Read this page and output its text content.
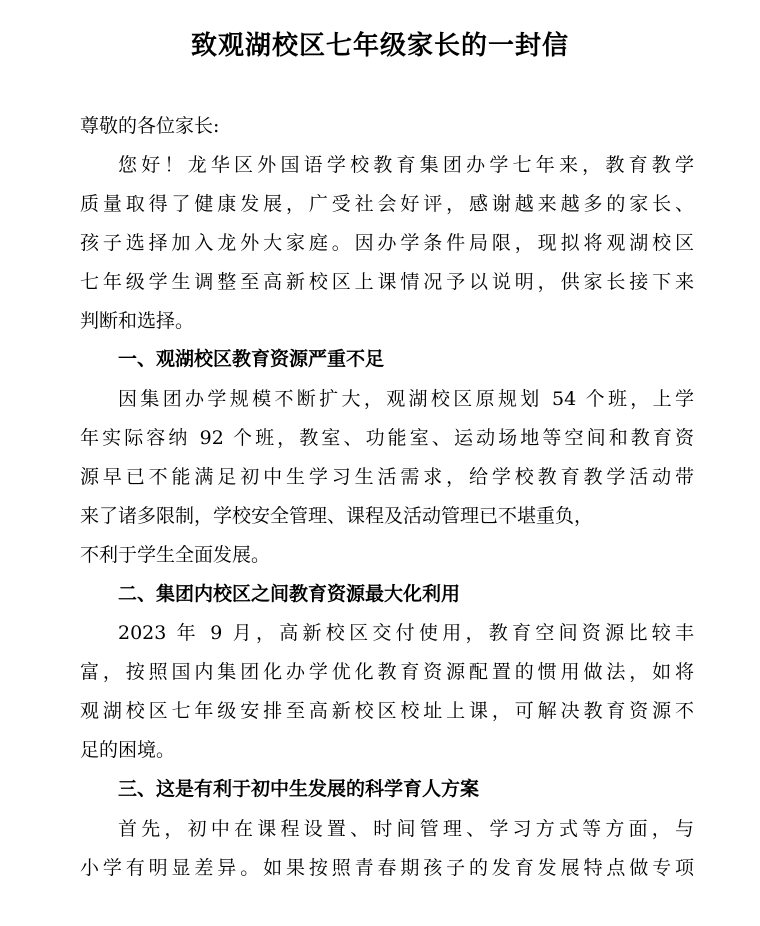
致观湖校区七年级家长的一封信
尊敬的各位家长:
您好！龙华区外国语学校教育集团办学七年来，教育教学
质量取得了健康发展，广受社会好评，感谢越来越多的家长、
孩子选择加入龙外大家庭。因办学条件局限，现拟将观湖校区
七年级学生调整至高新校区上课情况予以说明，供家长接下来
判断和选择。
一、观湖校区教育资源严重不足
因集团办学规模不断扩大，观湖校区原规划 54 个班，上学
年实际容纳 92 个班，教室、功能室、运动场地等空间和教育资
源早已不能满足初中生学习生活需求，给学校教育教学活动带
来了诸多限制，学校安全管理、课程及活动管理已不堪重负，
不利于学生全面发展。
二、集团内校区之间教育资源最大化利用
2023 年 9 月，高新校区交付使用，教育空间资源比较丰
富，按照国内集团化办学优化教育资源配置的惯用做法，如将
观湖校区七年级安排至高新校区校址上课，可解决教育资源不
足的困境。
三、这是有利于初中生发展的科学育人方案
首先，初中在课程设置、时间管理、学习方式等方面，与
小学有明显差异。如果按照青春期孩子的发育发展特点做专项
